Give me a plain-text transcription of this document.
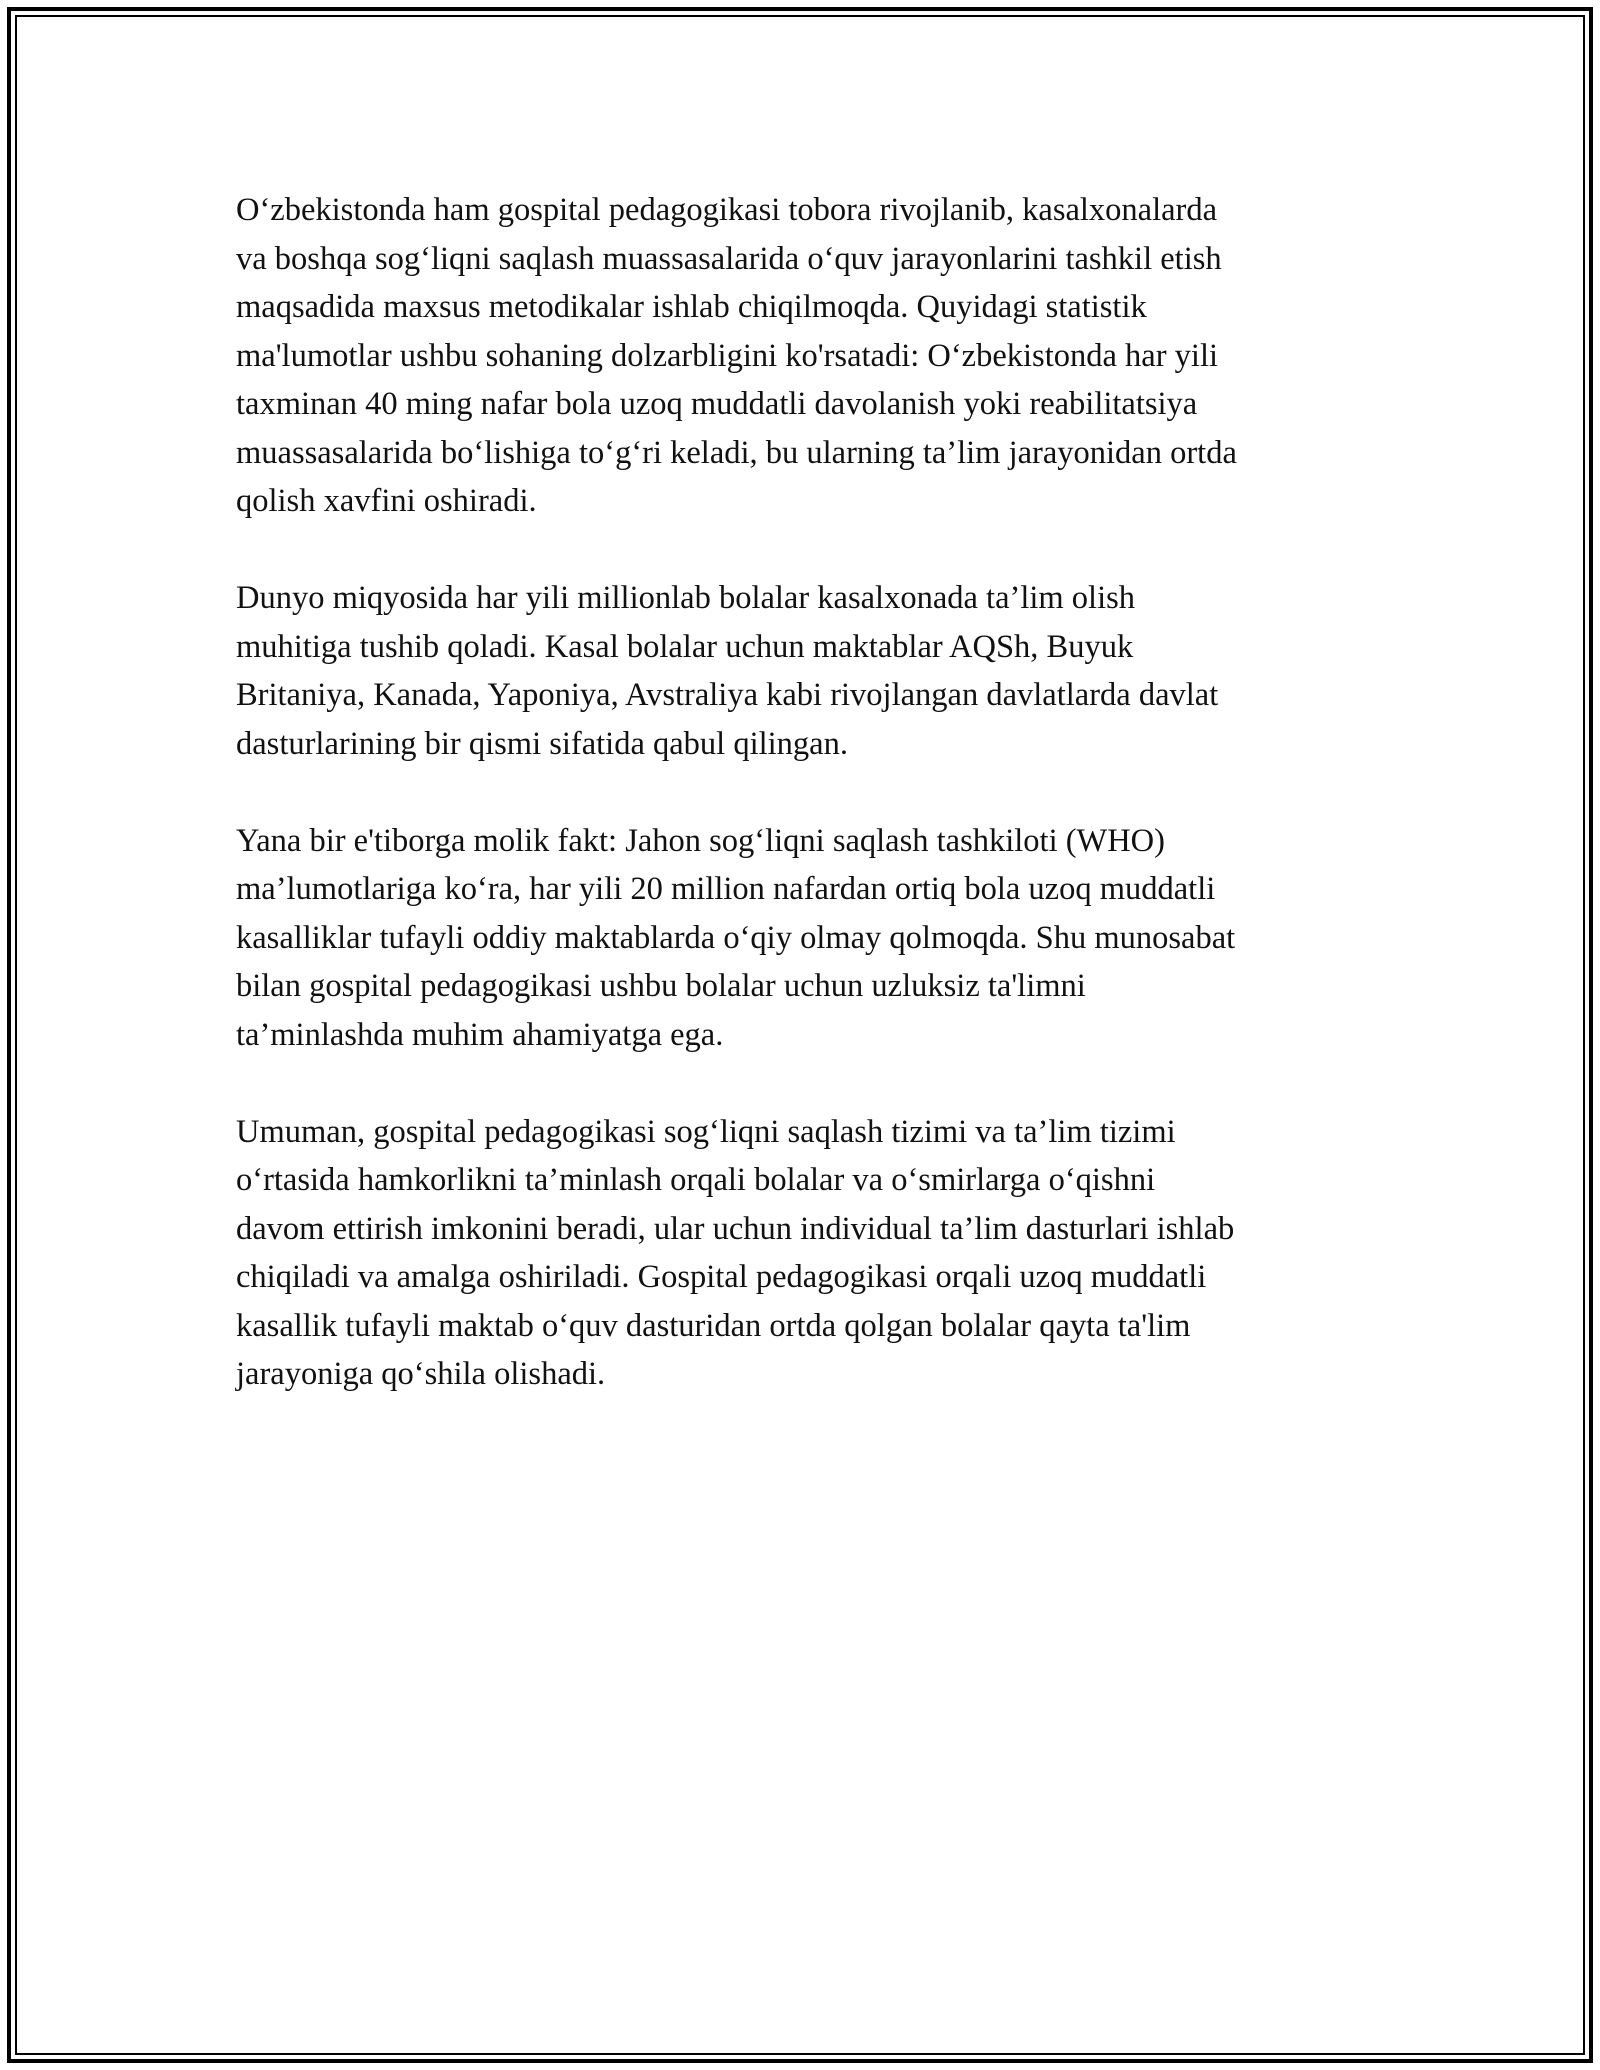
O‘zbekistonda ham gospital pedagogikasi tobora rivojlanib, kasalxonalarda
va boshqa sog‘liqni saqlash muassasalarida o‘quv jarayonlarini tashkil etish
maqsadida maxsus metodikalar ishlab chiqilmoqda. Quyidagi statistik
ma'lumotlar ushbu sohaning dolzarbligini ko'rsatadi: O‘zbekistonda har yili
taxminan 40 ming nafar bola uzoq muddatli davolanish yoki reabilitatsiya
muassasalarida bo‘lishiga to‘g‘ri keladi, bu ularning ta’lim jarayonidan ortda
qolish xavfini oshiradi.

Dunyo miqyosida har yili millionlab bolalar kasalxonada ta’lim olish
muhitiga tushib qoladi. Kasal bolalar uchun maktablar AQSh, Buyuk
Britaniya, Kanada, Yaponiya, Avstraliya kabi rivojlangan davlatlarda davlat
dasturlarining bir qismi sifatida qabul qilingan.

Yana bir e'tiborga molik fakt: Jahon sog‘liqni saqlash tashkiloti (WHO)
ma’lumotlariga ko‘ra, har yili 20 million nafardan ortiq bola uzoq muddatli
kasalliklar tufayli oddiy maktablarda o‘qiy olmay qolmoqda. Shu munosabat
bilan gospital pedagogikasi ushbu bolalar uchun uzluksiz ta'limni
ta’minlashda muhim ahamiyatga ega.

Umuman, gospital pedagogikasi sog‘liqni saqlash tizimi va ta’lim tizimi
o‘rtasida hamkorlikni ta’minlash orqali bolalar va o‘smirlarga o‘qishni
davom ettirish imkonini beradi, ular uchun individual ta’lim dasturlari ishlab
chiqiladi va amalga oshiriladi. Gospital pedagogikasi orqali uzoq muddatli
kasallik tufayli maktab o‘quv dasturidan ortda qolgan bolalar qayta ta'lim
jarayoniga qo‘shila olishadi.
